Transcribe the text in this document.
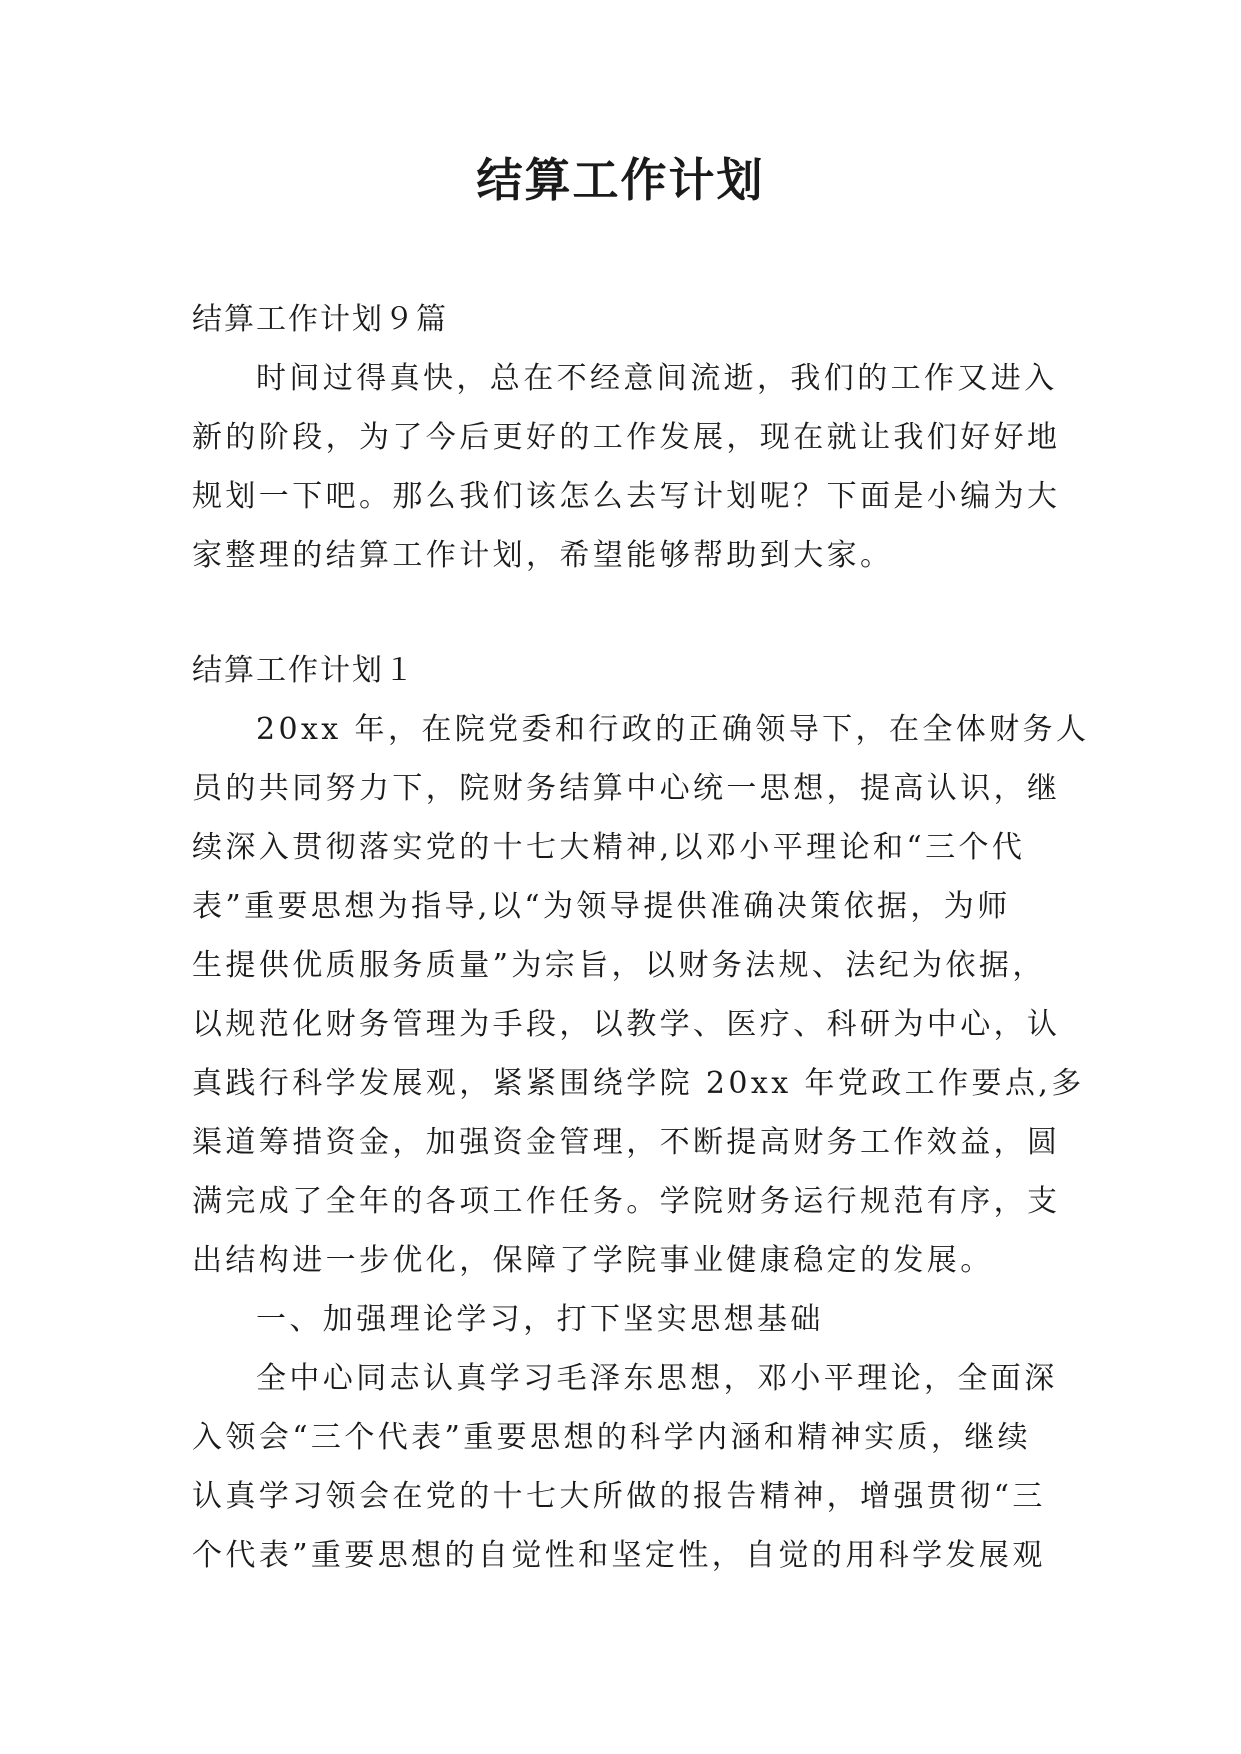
结算工作计划

结算工作计划９篇

时间过得真快，总在不经意间流逝，我们的工作又进入

新的阶段，为了今后更好的工作发展，现在就让我们好好地

规划一下吧。那么我们该怎么去写计划呢？下面是小编为大

家整理的结算工作计划，希望能够帮助到大家。

结算工作计划１

20xx 年，在院党委和行政的正确领导下，在全体财务人

员的共同努力下，院财务结算中心统一思想，提高认识，继

续深入贯彻落实党的十七大精神,以邓小平理论和“三个代

表”重要思想为指导,以“为领导提供准确决策依据，为师

生提供优质服务质量”为宗旨，以财务法规、法纪为依据，

以规范化财务管理为手段，以教学、医疗、科研为中心，认

真践行科学发展观，紧紧围绕学院 20xx 年党政工作要点,多

渠道筹措资金，加强资金管理，不断提高财务工作效益，圆

满完成了全年的各项工作任务。学院财务运行规范有序，支

出结构进一步优化，保障了学院事业健康稳定的发展。

一、加强理论学习，打下坚实思想基础

全中心同志认真学习毛泽东思想，邓小平理论，全面深

入领会“三个代表”重要思想的科学内涵和精神实质，继续

认真学习领会在党的十七大所做的报告精神，增强贯彻“三

个代表”重要思想的自觉性和坚定性，自觉的用科学发展观
